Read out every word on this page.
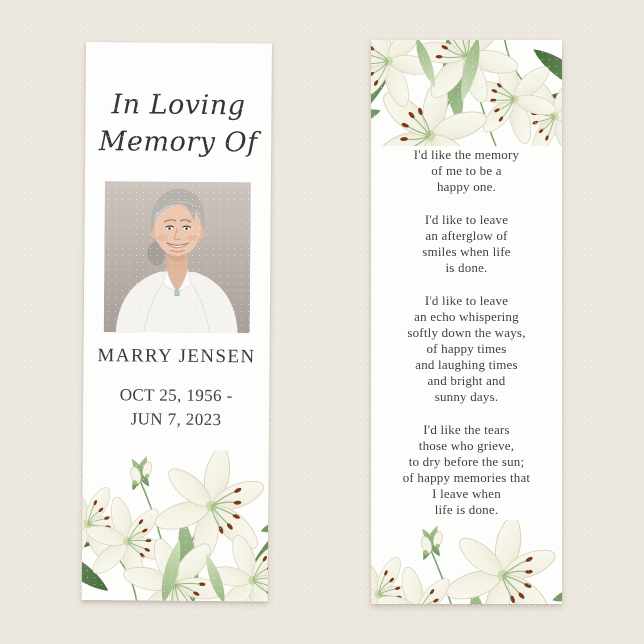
In Loving
Memory Of
MARRY JENSEN
OCT 25, 1956 -
JUN 7, 2023
I'd like the memory
of me to be a
happy one.
I'd like to leave
an afterglow of
smiles when life
is done.
I'd like to leave
an echo whispering
softly down the ways,
of happy times
and laughing times
and bright and
sunny days.
I'd like the tears
those who grieve,
to dry before the sun;
of happy memories that
I leave when
life is done.
